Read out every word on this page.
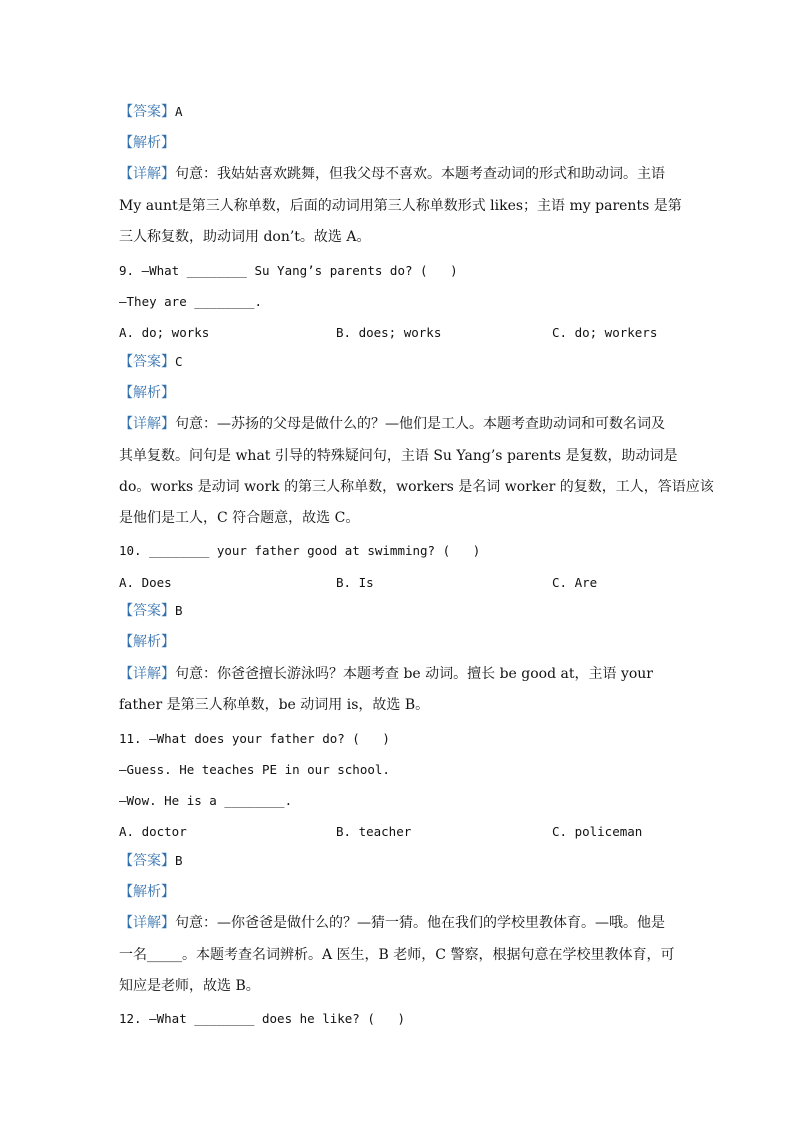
【答案】A
【解析】
【详解】句意：我姑姑喜欢跳舞，但我父母不喜欢。本题考查动词的形式和助动词。主语
My aunt是第三人称单数，后面的动词用第三人称单数形式 likes；主语 my parents 是第
三人称复数，助动词用 don’t。故选 A。
9. —What ________ Su Yang’s parents do? (   )
—They are ________.
A. do; works	B. does; works	C. do; workers
【答案】C
【解析】
【详解】句意：—苏扬的父母是做什么的？—他们是工人。本题考查助动词和可数名词及
其单复数。问句是 what 引导的特殊疑问句，主语 Su Yang’s parents 是复数，助动词是
do。works 是动词 work 的第三人称单数，workers 是名词 worker 的复数，工人，答语应该
是他们是工人，C 符合题意，故选 C。
10. ________ your father good at swimming? (   )
A. Does	B. Is	C. Are
【答案】B
【解析】
【详解】句意：你爸爸擅长游泳吗？本题考查 be 动词。擅长 be good at，主语 your
father 是第三人称单数，be 动词用 is，故选 B。
11. —What does your father do? (   )
—Guess. He teaches PE in our school.
—Wow. He is a ________.
A. doctor	B. teacher	C. policeman
【答案】B
【解析】
【详解】句意：—你爸爸是做什么的？—猜一猜。他在我们的学校里教体育。—哦。他是
一名_____。本题考查名词辨析。A 医生，B 老师，C 警察，根据句意在学校里教体育，可
知应是老师，故选 B。
12. —What ________ does he like? (   )
